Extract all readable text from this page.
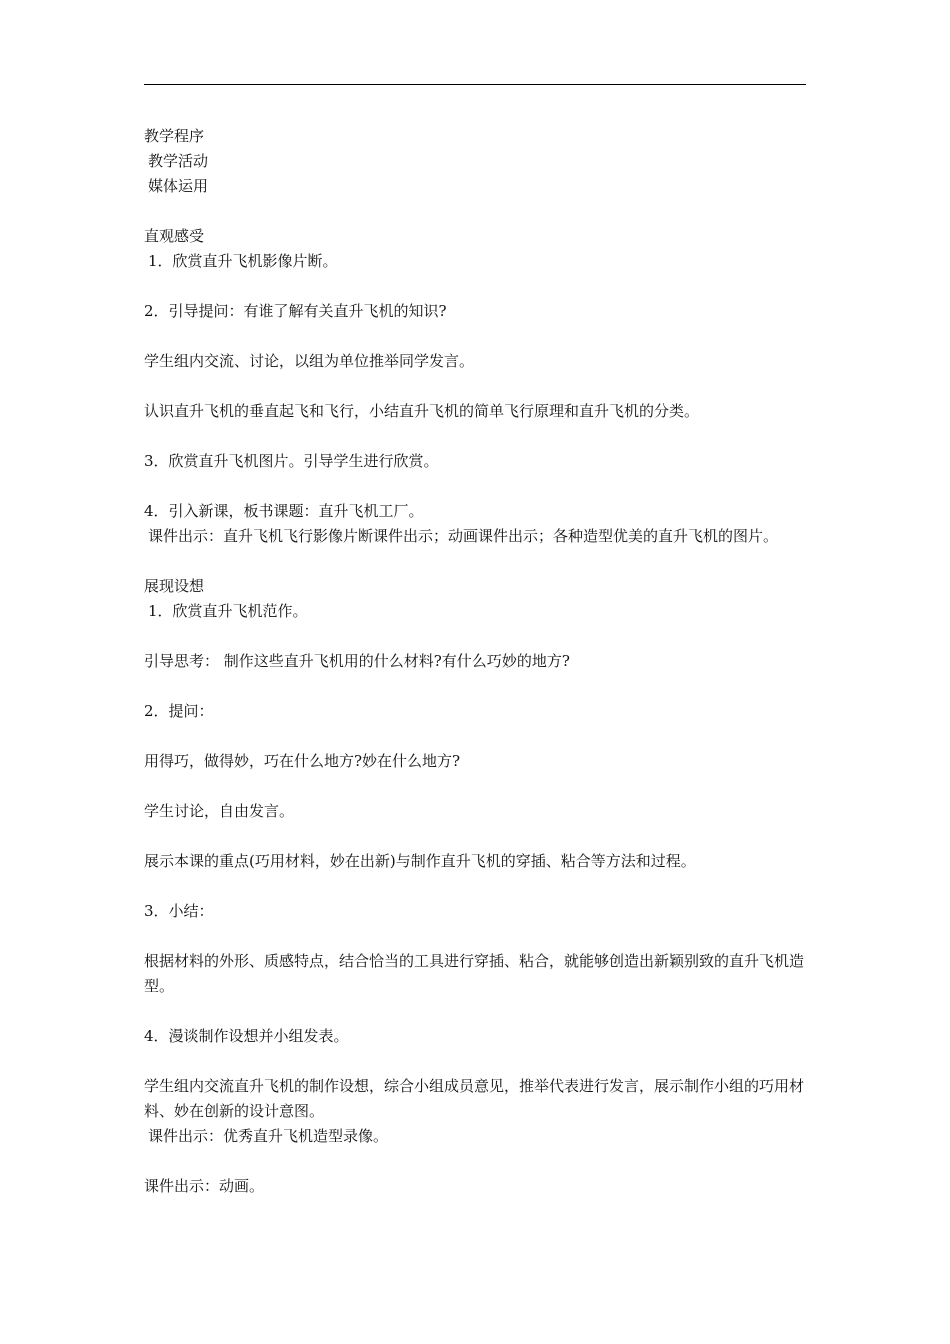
教学程序
教学活动
媒体运用
直观感受
1．欣赏直升飞机影像片断。
2．引导提问：有谁了解有关直升飞机的知识?
学生组内交流、讨论，以组为单位推举同学发言。
认识直升飞机的垂直起飞和飞行，小结直升飞机的简单飞行原理和直升飞机的分类。
3．欣赏直升飞机图片。引导学生进行欣赏。
4．引入新课，板书课题：直升飞机工厂。
课件出示：直升飞机飞行影像片断课件出示；动画课件出示；各种造型优美的直升飞机的图片。
展现设想
1．欣赏直升飞机范作。
引导思考： 制作这些直升飞机用的什么材料?有什么巧妙的地方?
2．提问：
用得巧，做得妙，巧在什么地方?妙在什么地方?
学生讨论，自由发言。
展示本课的重点(巧用材料，妙在出新)与制作直升飞机的穿插、粘合等方法和过程。
3．小结：
根据材料的外形、质感特点，结合恰当的工具进行穿插、粘合，就能够创造出新颖别致的直升飞机造型。
4．漫谈制作设想并小组发表。
学生组内交流直升飞机的制作设想，综合小组成员意见，推举代表进行发言，展示制作小组的巧用材料、妙在创新的设计意图。
课件出示：优秀直升飞机造型录像。
课件出示：动画。
